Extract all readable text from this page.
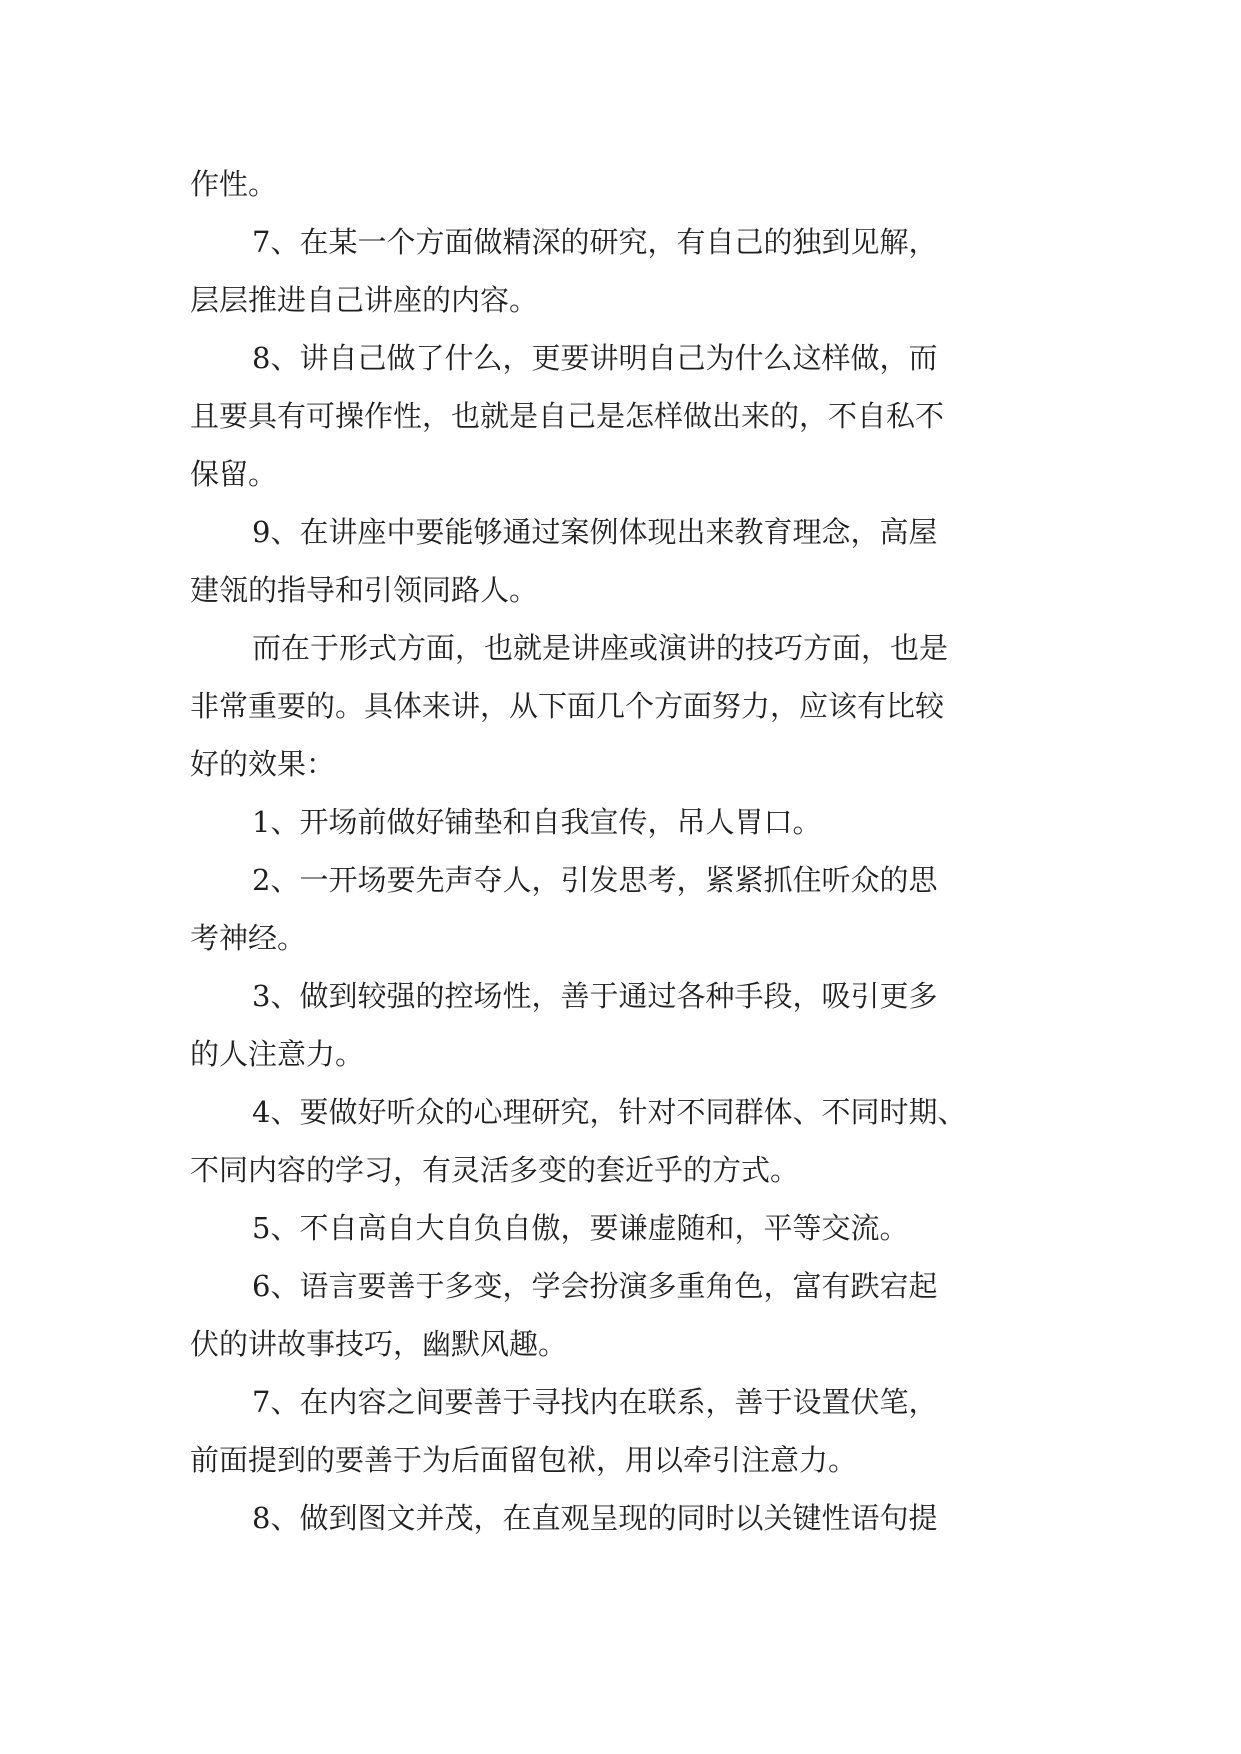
作性。

7、在某一个方面做精深的研究，有自己的独到见解，

层层推进自己讲座的内容。

8、讲自己做了什么，更要讲明自己为什么这样做，而

且要具有可操作性，也就是自己是怎样做出来的，不自私不

保留。

9、在讲座中要能够通过案例体现出来教育理念，高屋

建瓴的指导和引领同路人。

而在于形式方面，也就是讲座或演讲的技巧方面，也是

非常重要的。具体来讲，从下面几个方面努力，应该有比较

好的效果：

1、开场前做好铺垫和自我宣传，吊人胃口。

2、一开场要先声夺人，引发思考，紧紧抓住听众的思

考神经。

3、做到较强的控场性，善于通过各种手段，吸引更多

的人注意力。

4、要做好听众的心理研究，针对不同群体、不同时期、

不同内容的学习，有灵活多变的套近乎的方式。

5、不自高自大自负自傲，要谦虚随和，平等交流。

6、语言要善于多变，学会扮演多重角色，富有跌宕起

伏的讲故事技巧，幽默风趣。

7、在内容之间要善于寻找内在联系，善于设置伏笔，

前面提到的要善于为后面留包袱，用以牵引注意力。

8、做到图文并茂，在直观呈现的同时以关键性语句提
